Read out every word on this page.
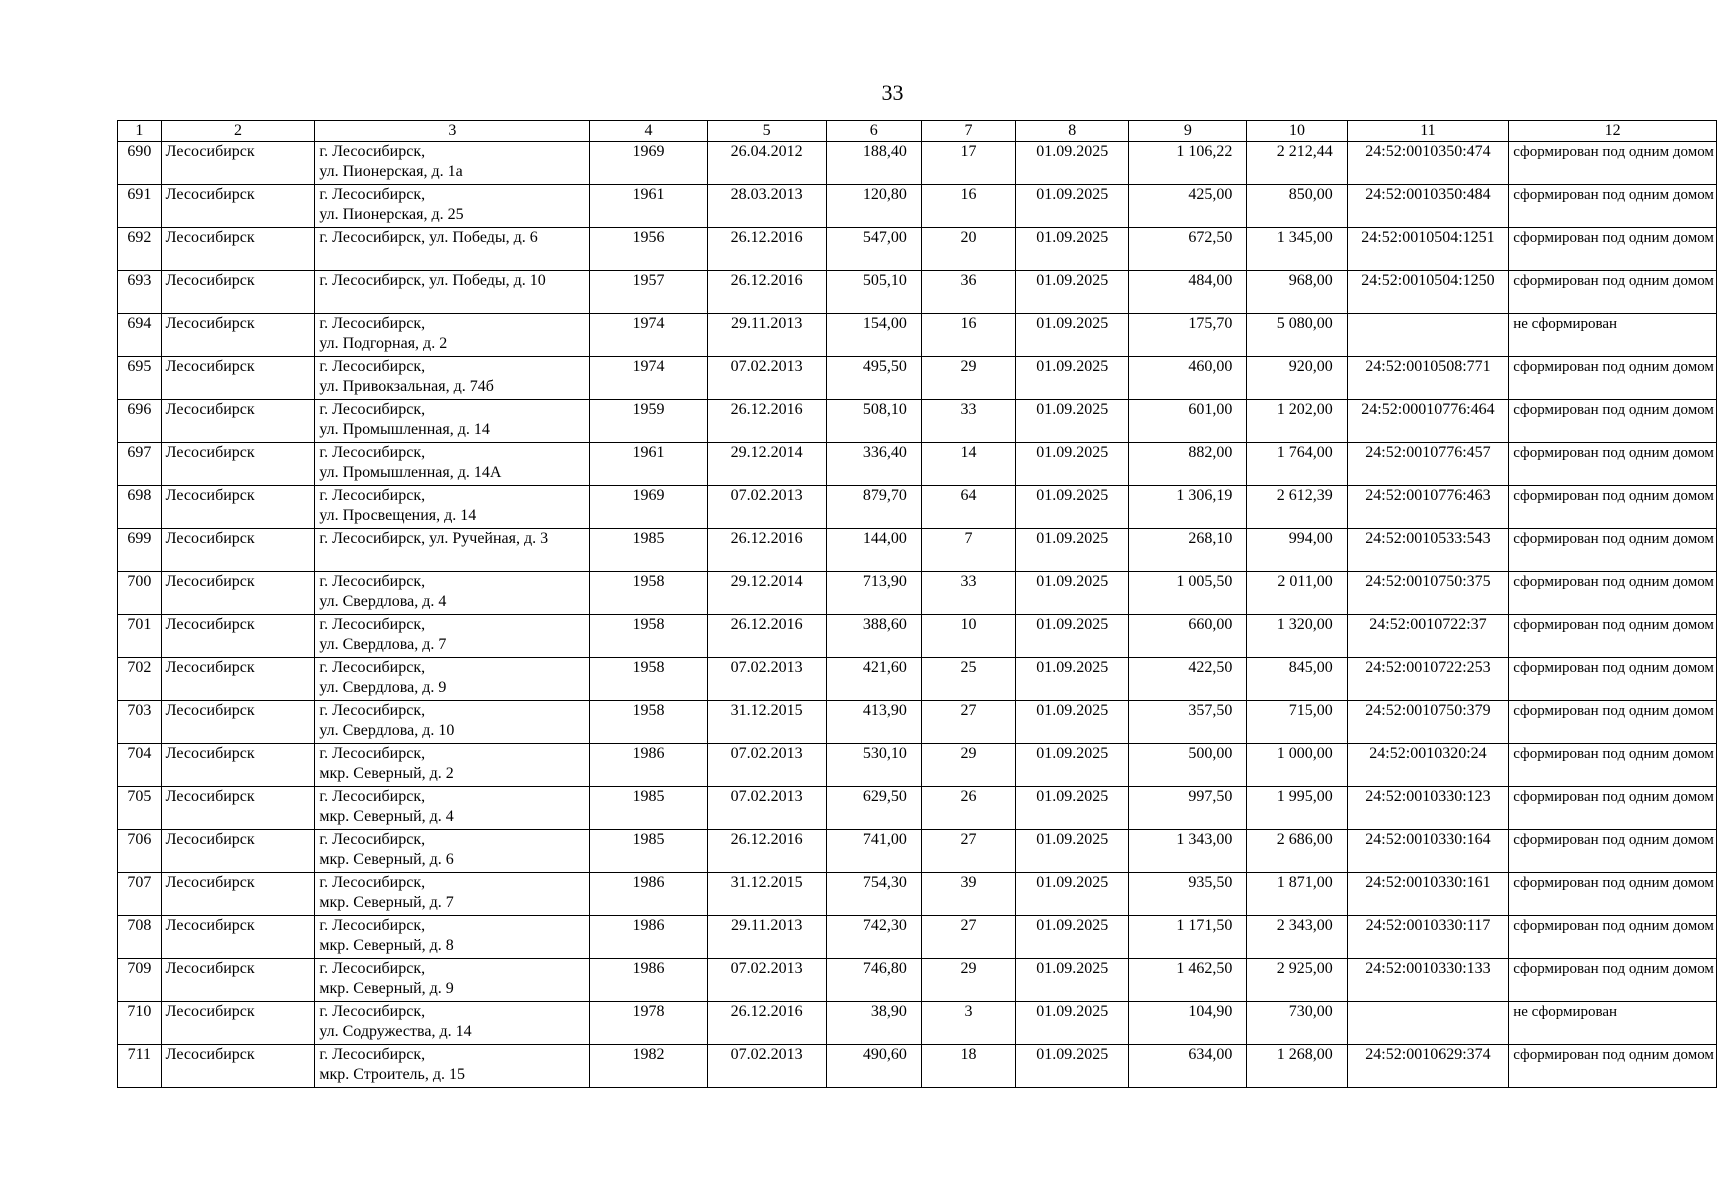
33
1	2	3	4	5	6	7	8	9	10	11	12
690	Лесосибирск	г. Лесосибирск,
ул. Пионерская, д. 1а	1969	26.04.2012	188,40	17	01.09.2025	1 106,22	2 212,44	24:52:0010350:474	сформирован под одним домом
691	Лесосибирск	г. Лесосибирск,
ул. Пионерская, д. 25	1961	28.03.2013	120,80	16	01.09.2025	425,00	850,00	24:52:0010350:484	сформирован под одним домом
692	Лесосибирск	г. Лесосибирск, ул. Победы, д. 6	1956	26.12.2016	547,00	20	01.09.2025	672,50	1 345,00	24:52:0010504:1251	сформирован под одним домом
693	Лесосибирск	г. Лесосибирск, ул. Победы, д. 10	1957	26.12.2016	505,10	36	01.09.2025	484,00	968,00	24:52:0010504:1250	сформирован под одним домом
694	Лесосибирск	г. Лесосибирск,
ул. Подгорная, д. 2	1974	29.11.2013	154,00	16	01.09.2025	175,70	5 080,00		не сформирован
695	Лесосибирск	г. Лесосибирск,
ул. Привокзальная, д. 74б	1974	07.02.2013	495,50	29	01.09.2025	460,00	920,00	24:52:0010508:771	сформирован под одним домом
696	Лесосибирск	г. Лесосибирск,
ул. Промышленная, д. 14	1959	26.12.2016	508,10	33	01.09.2025	601,00	1 202,00	24:52:00010776:464	сформирован под одним домом
697	Лесосибирск	г. Лесосибирск,
ул. Промышленная, д. 14А	1961	29.12.2014	336,40	14	01.09.2025	882,00	1 764,00	24:52:0010776:457	сформирован под одним домом
698	Лесосибирск	г. Лесосибирск,
ул. Просвещения, д. 14	1969	07.02.2013	879,70	64	01.09.2025	1 306,19	2 612,39	24:52:0010776:463	сформирован под одним домом
699	Лесосибирск	г. Лесосибирск, ул. Ручейная, д. 3	1985	26.12.2016	144,00	7	01.09.2025	268,10	994,00	24:52:0010533:543	сформирован под одним домом
700	Лесосибирск	г. Лесосибирск,
ул. Свердлова, д. 4	1958	29.12.2014	713,90	33	01.09.2025	1 005,50	2 011,00	24:52:0010750:375	сформирован под одним домом
701	Лесосибирск	г. Лесосибирск,
ул. Свердлова, д. 7	1958	26.12.2016	388,60	10	01.09.2025	660,00	1 320,00	24:52:0010722:37	сформирован под одним домом
702	Лесосибирск	г. Лесосибирск,
ул. Свердлова, д. 9	1958	07.02.2013	421,60	25	01.09.2025	422,50	845,00	24:52:0010722:253	сформирован под одним домом
703	Лесосибирск	г. Лесосибирск,
ул. Свердлова, д. 10	1958	31.12.2015	413,90	27	01.09.2025	357,50	715,00	24:52:0010750:379	сформирован под одним домом
704	Лесосибирск	г. Лесосибирск,
мкр. Северный, д. 2	1986	07.02.2013	530,10	29	01.09.2025	500,00	1 000,00	24:52:0010320:24	сформирован под одним домом
705	Лесосибирск	г. Лесосибирск,
мкр. Северный, д. 4	1985	07.02.2013	629,50	26	01.09.2025	997,50	1 995,00	24:52:0010330:123	сформирован под одним домом
706	Лесосибирск	г. Лесосибирск,
мкр. Северный, д. 6	1985	26.12.2016	741,00	27	01.09.2025	1 343,00	2 686,00	24:52:0010330:164	сформирован под одним домом
707	Лесосибирск	г. Лесосибирск,
мкр. Северный, д. 7	1986	31.12.2015	754,30	39	01.09.2025	935,50	1 871,00	24:52:0010330:161	сформирован под одним домом
708	Лесосибирск	г. Лесосибирск,
мкр. Северный, д. 8	1986	29.11.2013	742,30	27	01.09.2025	1 171,50	2 343,00	24:52:0010330:117	сформирован под одним домом
709	Лесосибирск	г. Лесосибирск,
мкр. Северный, д. 9	1986	07.02.2013	746,80	29	01.09.2025	1 462,50	2 925,00	24:52:0010330:133	сформирован под одним домом
710	Лесосибирск	г. Лесосибирск,
ул. Содружества, д. 14	1978	26.12.2016	38,90	3	01.09.2025	104,90	730,00		не сформирован
711	Лесосибирск	г. Лесосибирск,
мкр. Строитель, д. 15	1982	07.02.2013	490,60	18	01.09.2025	634,00	1 268,00	24:52:0010629:374	сформирован под одним домом
